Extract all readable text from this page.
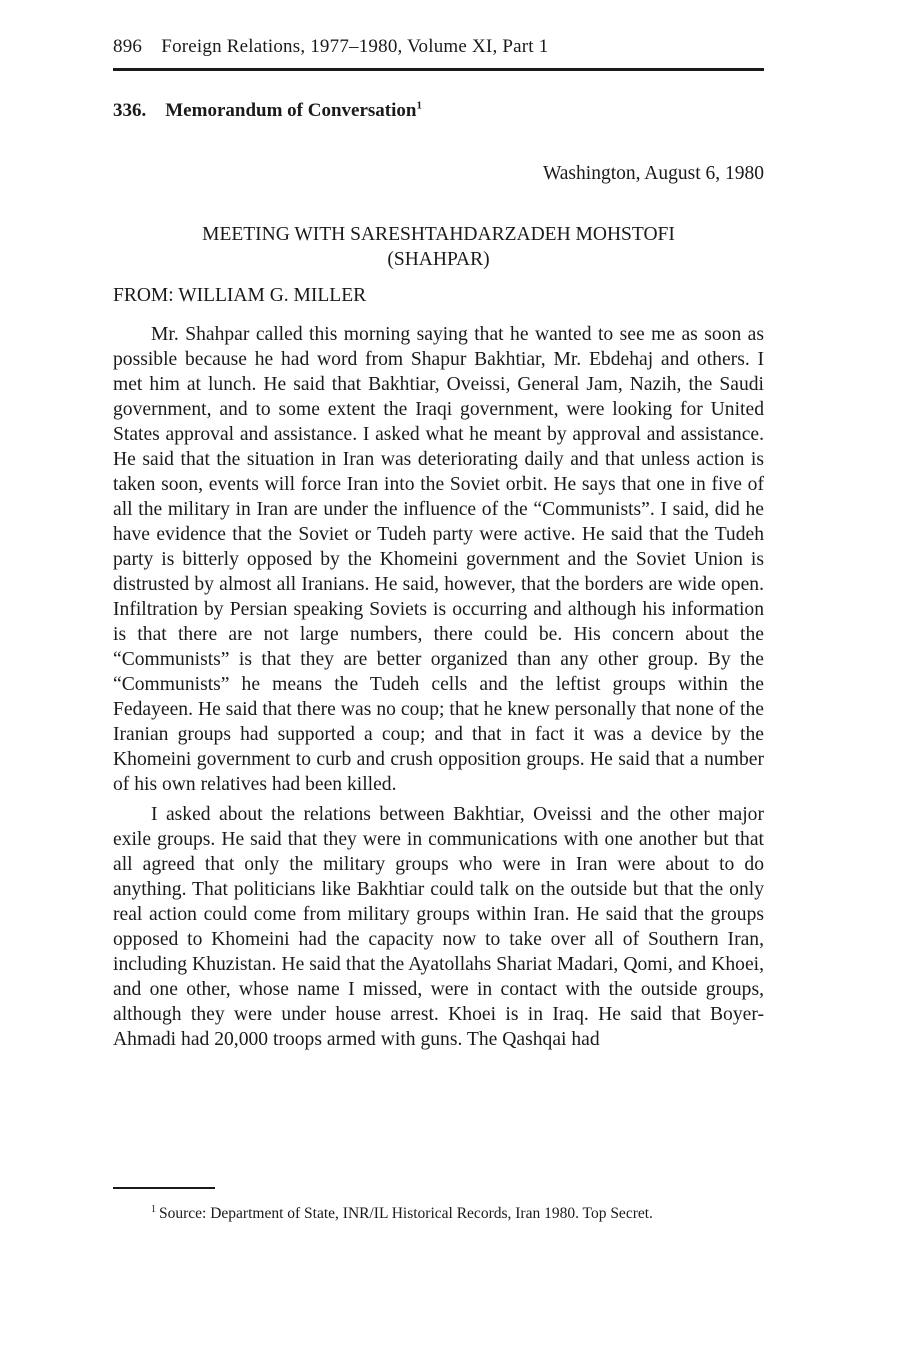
896 Foreign Relations, 1977–1980, Volume XI, Part 1
336. Memorandum of Conversation$^1$
Washington, August 6, 1980
MEETING WITH SARESHTAHDARZADEH MOHSTOFI
(SHAHPAR)
FROM: WILLIAM G. MILLER

Mr. Shahpar called this morning saying that he wanted to see me as soon as possible because he had word from Shapur Bakhtiar, Mr. Ebdehaj and others. I met him at lunch. He said that Bakhtiar, Oveissi, General Jam, Nazih, the Saudi government, and to some extent the Iraqi government, were looking for United States approval and assistance. I asked what he meant by approval and assistance. He said that the situation in Iran was deteriorating daily and that unless action is taken soon, events will force Iran into the Soviet orbit. He says that one in five of all the military in Iran are under the influence of the “Communists”. I said, did he have evidence that the Soviet or Tudeh party were active. He said that the Tudeh party is bitterly opposed by the Khomeini government and the Soviet Union is distrusted by almost all Iranians. He said, however, that the borders are wide open. Infiltration by Persian speaking Soviets is occurring and although his information is that there are not large numbers, there could be. His concern about the “Communists” is that they are better organized than any other group. By the “Communists” he means the Tudeh cells and the leftist groups within the Fedayeen. He said that there was no coup; that he knew personally that none of the Iranian groups had supported a coup; and that in fact it was a device by the Khomeini government to curb and crush opposition groups. He said that a number of his own relatives had been killed.

I asked about the relations between Bakhtiar, Oveissi and the other major exile groups. He said that they were in communications with one another but that all agreed that only the military groups who were in Iran were about to do anything. That politicians like Bakhtiar could talk on the outside but that the only real action could come from military groups within Iran. He said that the groups opposed to Khomeini had the capacity now to take over all of Southern Iran, including Khuzistan. He said that the Ayatollahs Shariat Madari, Qomi, and Khoei, and one other, whose name I missed, were in contact with the outside groups, although they were under house arrest. Khoei is in Iraq. He said that Boyer-Ahmadi had 20,000 troops armed with guns. The Qashqai had

$^1$ Source: Department of State, INR/IL Historical Records, Iran 1980. Top Secret.
